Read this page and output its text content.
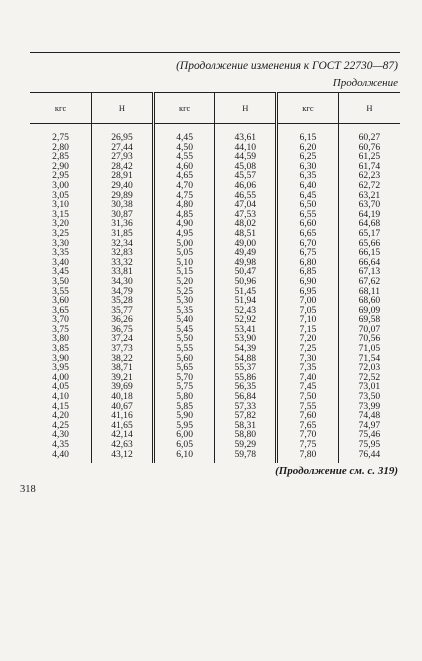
(Продолжение изменения к ГОСТ 22730—87)
Продолжение
кгс	Н	кгс	Н	кгс	Н
2,75	26,95	4,45	43,61	6,15	60,27
2,80	27,44	4,50	44,10	6,20	60,76
2,85	27,93	4,55	44,59	6,25	61,25
2,90	28,42	4,60	45,08	6,30	61,74
2,95	28,91	4,65	45,57	6,35	62,23
3,00	29,40	4,70	46,06	6,40	62,72
3,05	29,89	4,75	46,55	6,45	63,21
3,10	30,38	4,80	47,04	6,50	63,70
3,15	30,87	4,85	47,53	6,55	64,19
3,20	31,36	4,90	48,02	6,60	64,68
3,25	31,85	4,95	48,51	6,65	65,17
3,30	32,34	5,00	49,00	6,70	65,66
3,35	32,83	5,05	49,49	6,75	66,15
3,40	33,32	5,10	49,98	6,80	66,64
3,45	33,81	5,15	50,47	6,85	67,13
3,50	34,30	5,20	50,96	6,90	67,62
3,55	34,79	5,25	51,45	6,95	68,11
3,60	35,28	5,30	51,94	7,00	68,60
3,65	35,77	5,35	52,43	7,05	69,09
3,70	36,26	5,40	52,92	7,10	69,58
3,75	36,75	5,45	53,41	7,15	70,07
3,80	37,24	5,50	53,90	7,20	70,56
3,85	37,73	5,55	54,39	7,25	71,05
3,90	38,22	5,60	54,88	7,30	71,54
3,95	38,71	5,65	55,37	7,35	72,03
4,00	39,21	5,70	55,86	7,40	72,52
4,05	39,69	5,75	56,35	7,45	73,01
4,10	40,18	5,80	56,84	7,50	73,50
4,15	40,67	5,85	57,33	7,55	73,99
4,20	41,16	5,90	57,82	7,60	74,48
4,25	41,65	5,95	58,31	7,65	74,97
4,30	42,14	6,00	58,80	7,70	75,46
4,35	42,63	6,05	59,29	7,75	75,95
4,40	43,12	6,10	59,78	7,80	76,44
(Продолжение см. с. 319)
318
